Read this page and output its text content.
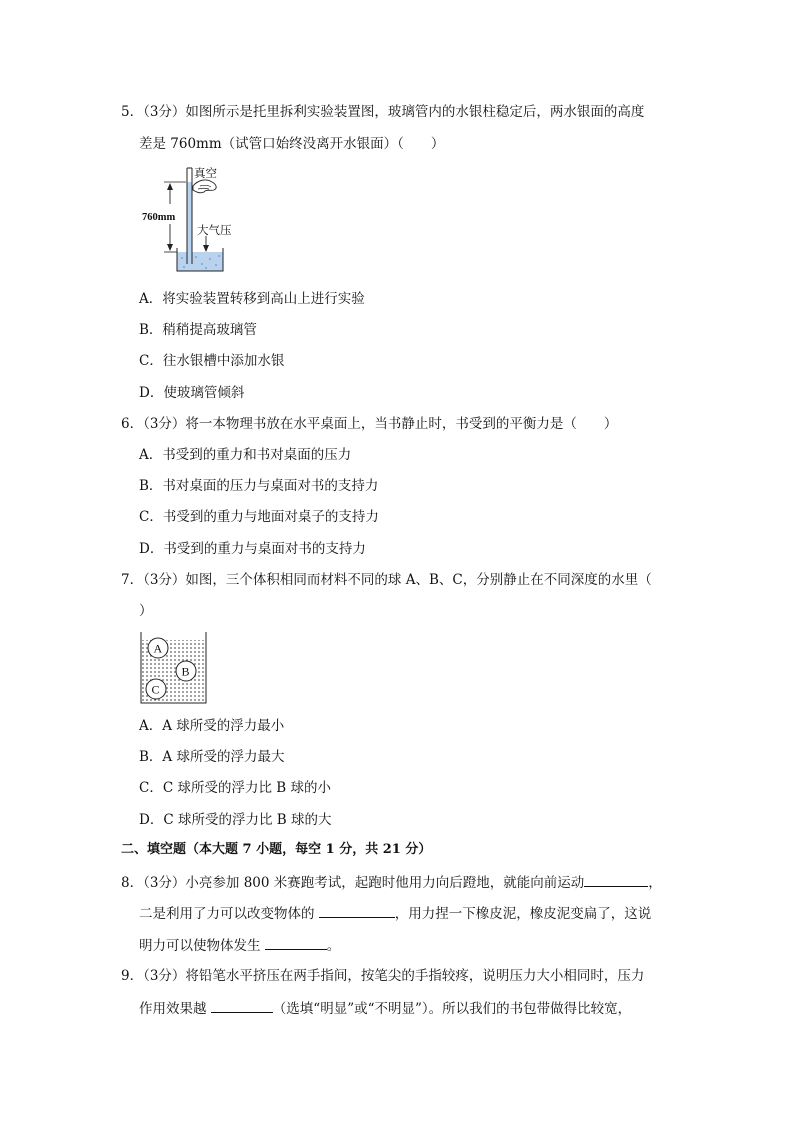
5．（3分）如图所示是托里拆利实验装置图，玻璃管内的水银柱稳定后，两水银面的高度
差是 760mm（试管口始终没离开水银面）（　　）
真空
760mm
大气压
A．将实验装置转移到高山上进行实验
B．稍稍提高玻璃管
C．往水银槽中添加水银
D．使玻璃管倾斜
6．（3分）将一本物理书放在水平桌面上，当书静止时，书受到的平衡力是（　　）
A．书受到的重力和书对桌面的压力
B．书对桌面的压力与桌面对书的支持力
C．书受到的重力与地面对桌子的支持力
D．书受到的重力与桌面对书的支持力
7．（3分）如图，三个体积相同而材料不同的球 A、B、C，分别静止在不同深度的水里（
）
A
B
C
A．A 球所受的浮力最小
B．A 球所受的浮力最大
C．C 球所受的浮力比 B 球的小
D．C 球所受的浮力比 B 球的大
二、填空题（本大题 7 小题，每空 1 分，共 21 分）
8．（3分）小亮参加 800 米赛跑考试，起跑时他用力向后蹬地，就能向前运动	，
二是利用了力可以改变物体的	，用力捏一下橡皮泥，橡皮泥变扁了，这说
明力可以使物体发生	。
9．（3分）将铅笔水平挤压在两手指间，按笔尖的手指较疼，说明压力大小相同时，压力
作用效果越	（选填“明显”或“不明显”）。所以我们的书包带做得比较宽，
